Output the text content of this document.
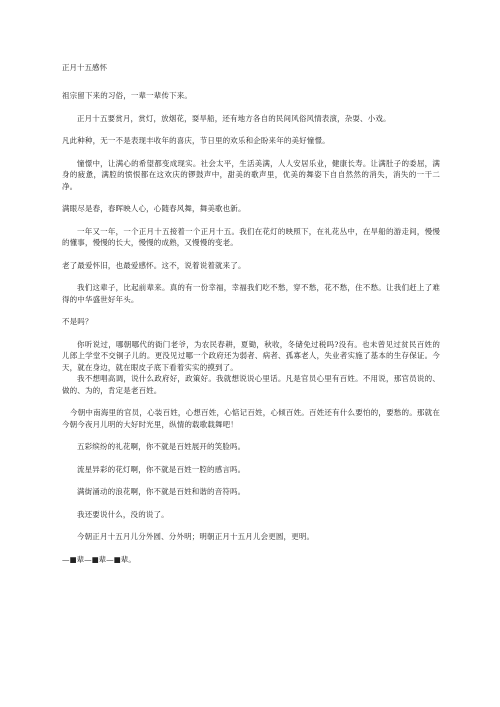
正月十五感怀

祖宗留下来的习俗，一辈一辈传下来。

正月十五要赏月，赏灯，放烟花，耍旱船，还有地方各自的民间风俗风情表演，杂耍、小戏。

凡此种种，无一不是表现丰收年的喜庆，节日里的欢乐和企盼来年的美好憧憬。

憧憬中，让满心的希望都变成现实。社会太平，生活美满，人人安居乐业，健康长寿。让满肚子的委屈，满身的疲惫，满腔的愤恨都在这欢庆的锣鼓声中，甜美的歌声里，优美的舞姿下自自然然的消失，消失的一干二净。

满眼尽是春，春晖映人心，心随春风舞，舞美歌也新。

一年又一年，一个正月十五接着一个正月十五。我们在花灯的映照下，在礼花丛中，在旱船的游走间，慢慢的懂事，慢慢的长大，慢慢的成熟，又慢慢的变老。

老了最爱怀旧，也最爱感怀。这不，说着说着就来了。

我们这辈子，比起前辈来。真的有一份幸福，幸福我们吃不愁，穿不愁，花不愁，住不愁。让我们赶上了难得的中华盛世好年头。

不是吗？

你听说过，哪朝哪代的衙门老爷，为农民春耕，夏锄，秋收，冬储免过税吗?没有。也未曾见过贫民百姓的儿郎上学堂不交铜子儿的。更没见过哪一个政府还为弱者、病者、孤寡老人，失业者实施了基本的生存保证。今天，就在身边，就在眼皮子底下看着实实的摸到了。

我不想唱高调，说什么政府好，政策好。我就想说说心里话。凡是官员心里有百姓。不用说，那官员说的、做的、为的，肯定是老百姓。

今朝中南海里的官员，心装百姓，心想百姓，心惦记百姓，心倾百姓。百姓还有什么要怕的，要愁的。那就在今朝今夜月儿明的大好时光里，纵情的载歌载舞吧！

五彩缤纷的礼花啊，你不就是百姓展开的笑脸吗。

流星异彩的花灯啊，你不就是百姓一腔的感言吗。

满街涌动的浪花啊，你不就是百姓和谐的音符吗。

我还要说什么，没的说了。

今朝正月十五月儿分外圆、分外明；明朝正月十五月儿会更圆，更明。

—■辈—■辈—■辈。
